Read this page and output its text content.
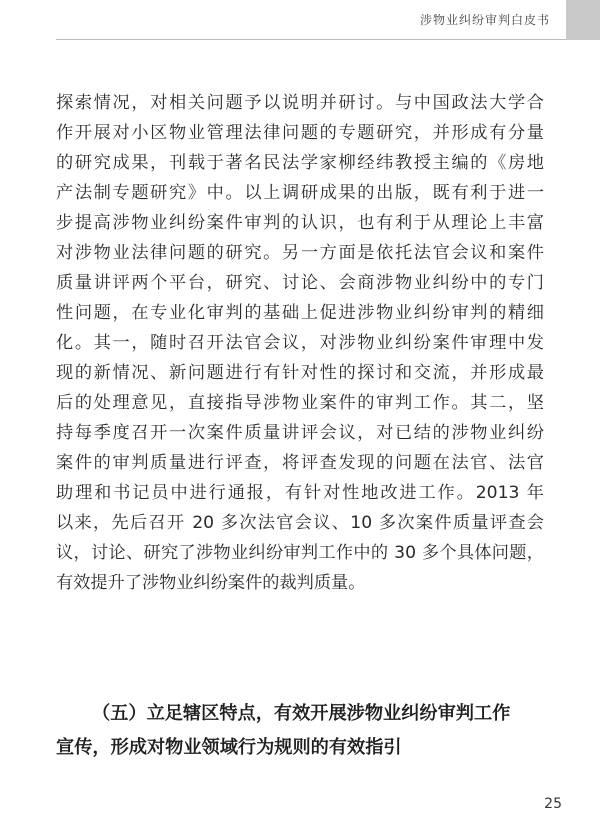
涉物业纠纷审判白皮书
探索情况，对相关问题予以说明并研讨。与中国政法大学合
作开展对小区物业管理法律问题的专题研究，并形成有分量
的研究成果，刊载于著名民法学家柳经纬教授主编的《房地
产法制专题研究》中。以上调研成果的出版，既有利于进一
步提高涉物业纠纷案件审判的认识，也有利于从理论上丰富
对涉物业法律问题的研究。另一方面是依托法官会议和案件
质量讲评两个平台，研究、讨论、会商涉物业纠纷中的专门
性问题，在专业化审判的基础上促进涉物业纠纷审判的精细
化。其一，随时召开法官会议，对涉物业纠纷案件审理中发
现的新情况、新问题进行有针对性的探讨和交流，并形成最
后的处理意见，直接指导涉物业案件的审判工作。其二，坚
持每季度召开一次案件质量讲评会议，对已结的涉物业纠纷
案件的审判质量进行评查，将评查发现的问题在法官、法官
助理和书记员中进行通报，有针对性地改进工作。2013 年
以来，先后召开 20 多次法官会议、10 多次案件质量评查会
议，讨论、研究了涉物业纠纷审判工作中的 30 多个具体问题，
有效提升了涉物业纠纷案件的裁判质量。
（五）立足辖区特点，有效开展涉物业纠纷审判工作
宣传，形成对物业领域行为规则的有效指引
25
